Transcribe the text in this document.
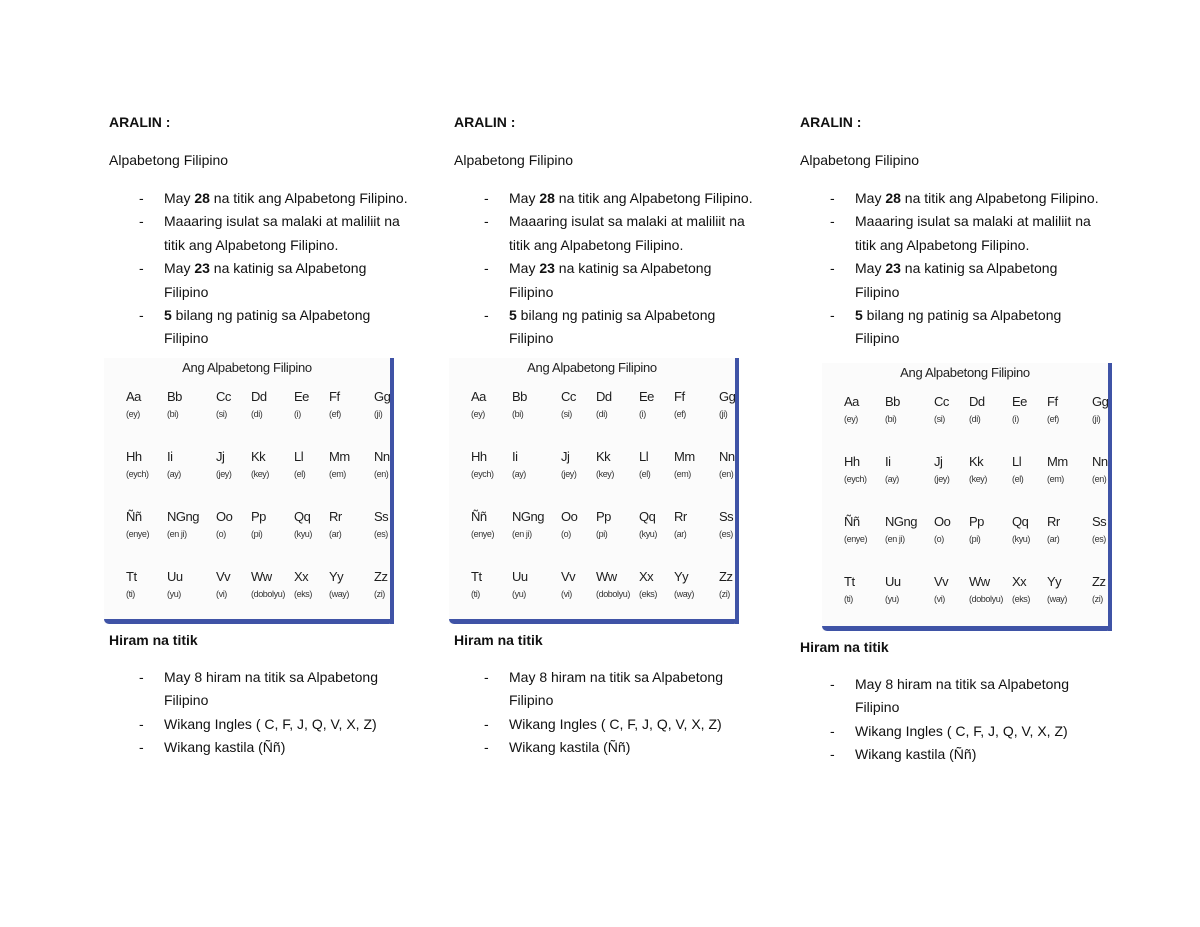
ARALIN :
Alpabetong Filipino
- May 28 na titik ang Alpabetong Filipino.
- Maaaring isulat sa malaki at maliliit na titik ang Alpabetong Filipino.
- May 23 na katinig sa Alpabetong Filipino
- 5 bilang ng patinig sa Alpabetong Filipino
Ang Alpabetong Filipino
Aa
(ey)
Bb
(bi)
Cc
(si)
Dd
(di)
Ee
(i)
Ff
(ef)
Gg
(ji)
Hh
(eych)
Ii
(ay)
Jj
(jey)
Kk
(key)
Ll
(el)
Mm
(em)
Nn
(en)
Ññ
(enye)
NGng
(en ji)
Oo
(o)
Pp
(pi)
Qq
(kyu)
Rr
(ar)
Ss
(es)
Tt
(ti)
Uu
(yu)
Vv
(vi)
Ww
(dobolyu)
Xx
(eks)
Yy
(way)
Zz
(zi)
Hiram na titik
- May 8 hiram na titik sa Alpabetong Filipino
- Wikang Ingles ( C, F, J, Q, V, X, Z)
- Wikang kastila (Ññ)
ARALIN :
Alpabetong Filipino
- May 28 na titik ang Alpabetong Filipino.
- Maaaring isulat sa malaki at maliliit na titik ang Alpabetong Filipino.
- May 23 na katinig sa Alpabetong Filipino
- 5 bilang ng patinig sa Alpabetong Filipino
Ang Alpabetong Filipino
Aa
(ey)
Bb
(bi)
Cc
(si)
Dd
(di)
Ee
(i)
Ff
(ef)
Gg
(ji)
Hh
(eych)
Ii
(ay)
Jj
(jey)
Kk
(key)
Ll
(el)
Mm
(em)
Nn
(en)
Ññ
(enye)
NGng
(en ji)
Oo
(o)
Pp
(pi)
Qq
(kyu)
Rr
(ar)
Ss
(es)
Tt
(ti)
Uu
(yu)
Vv
(vi)
Ww
(dobolyu)
Xx
(eks)
Yy
(way)
Zz
(zi)
Hiram na titik
- May 8 hiram na titik sa Alpabetong Filipino
- Wikang Ingles ( C, F, J, Q, V, X, Z)
- Wikang kastila (Ññ)
ARALIN :
Alpabetong Filipino
- May 28 na titik ang Alpabetong Filipino.
- Maaaring isulat sa malaki at maliliit na titik ang Alpabetong Filipino.
- May 23 na katinig sa Alpabetong Filipino
- 5 bilang ng patinig sa Alpabetong Filipino
Ang Alpabetong Filipino
Aa
(ey)
Bb
(bi)
Cc
(si)
Dd
(di)
Ee
(i)
Ff
(ef)
Gg
(ji)
Hh
(eych)
Ii
(ay)
Jj
(jey)
Kk
(key)
Ll
(el)
Mm
(em)
Nn
(en)
Ññ
(enye)
NGng
(en ji)
Oo
(o)
Pp
(pi)
Qq
(kyu)
Rr
(ar)
Ss
(es)
Tt
(ti)
Uu
(yu)
Vv
(vi)
Ww
(dobolyu)
Xx
(eks)
Yy
(way)
Zz
(zi)
Hiram na titik
- May 8 hiram na titik sa Alpabetong Filipino
- Wikang Ingles ( C, F, J, Q, V, X, Z)
- Wikang kastila (Ññ)
